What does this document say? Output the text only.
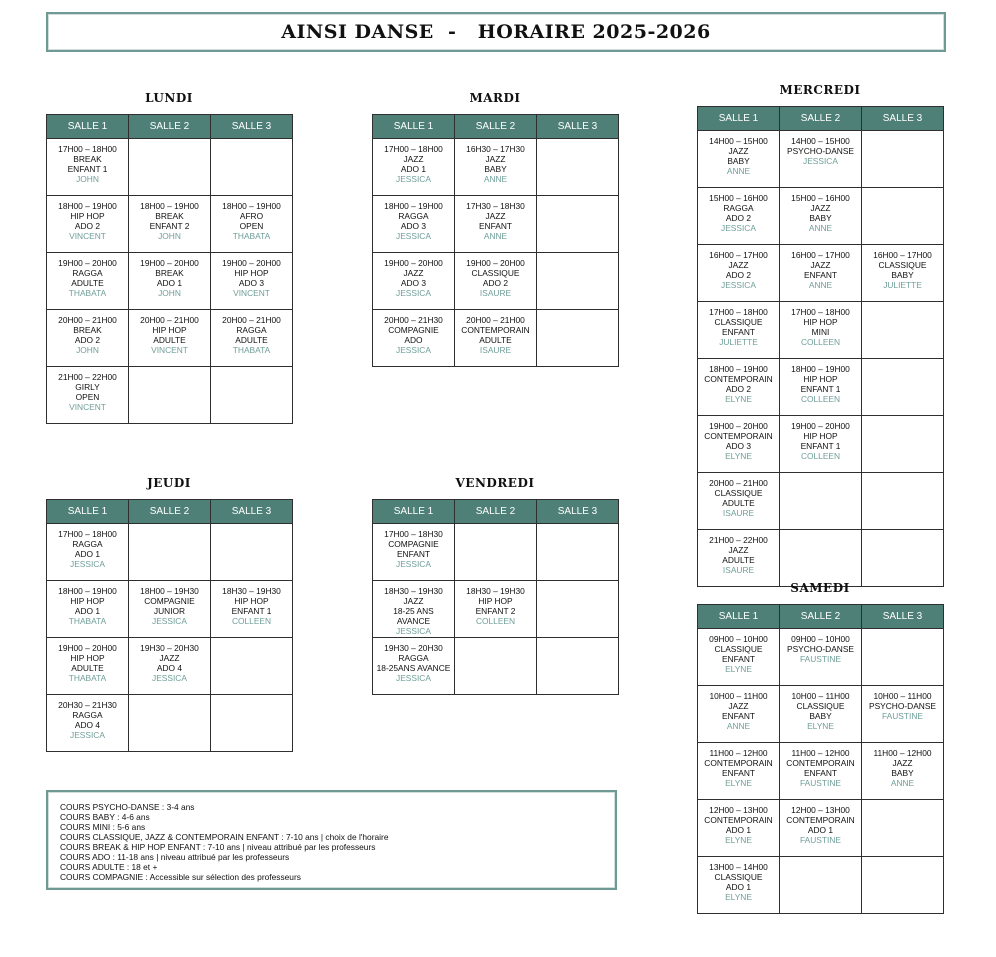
AINSI DANSE  -   HORAIRE 2025-2026
LUNDI
SALLE 1	SALLE 2	SALLE 3

17H00 – 18H00
BREAK
ENFANT 1
JOHN		

18H00 – 19H00
HIP HOP
ADO 2
VINCENT	18H00 – 19H00
BREAK
ENFANT 2
JOHN	18H00 – 19H00
AFRO
OPEN
THABATA

19H00 – 20H00
RAGGA
ADULTE
THABATA	19H00 – 20H00
BREAK
ADO 1
JOHN	19H00 – 20H00
HIP HOP
ADO 3
VINCENT

20H00 – 21H00
BREAK
ADO 2
JOHN	20H00 – 21H00
HIP HOP
ADULTE
VINCENT	20H00 – 21H00
RAGGA
ADULTE
THABATA

21H00 – 22H00
GIRLY
OPEN
VINCENT		

MARDI
SALLE 1	SALLE 2	SALLE 3

17H00 – 18H00
JAZZ
ADO 1
JESSICA	16H30 – 17H30
JAZZ
BABY
ANNE	

18H00 – 19H00
RAGGA
ADO 3
JESSICA	17H30 – 18H30
JAZZ
ENFANT
ANNE	

19H00 – 20H00
JAZZ
ADO 3
JESSICA	19H00 – 20H00
CLASSIQUE
ADO 2
ISAURE	

20H00 – 21H30
COMPAGNIE
ADO
JESSICA	20H00 – 21H00
CONTEMPORAIN
ADULTE
ISAURE	

MERCREDI
SALLE 1	SALLE 2	SALLE 3

14H00 – 15H00
JAZZ
BABY
ANNE	14H00 – 15H00
PSYCHO-DANSE
JESSICA	

15H00 – 16H00
RAGGA
ADO 2
JESSICA	15H00 – 16H00
JAZZ
BABY
ANNE	

16H00 – 17H00
JAZZ
ADO 2
JESSICA	16H00 – 17H00
JAZZ
ENFANT
ANNE	16H00 – 17H00
CLASSIQUE
BABY
JULIETTE

17H00 – 18H00
CLASSIQUE
ENFANT
JULIETTE	17H00 – 18H00
HIP HOP
MINI
COLLEEN	

18H00 – 19H00
CONTEMPORAIN
ADO 2
ELYNE	18H00 – 19H00
HIP HOP
ENFANT 1
COLLEEN	

19H00 – 20H00
CONTEMPORAIN
ADO 3
ELYNE	19H00 – 20H00
HIP HOP
ENFANT 1
COLLEEN	

20H00 – 21H00
CLASSIQUE
ADULTE
ISAURE		

21H00 – 22H00
JAZZ
ADULTE
ISAURE		

JEUDI
SALLE 1	SALLE 2	SALLE 3

17H00 – 18H00
RAGGA
ADO 1
JESSICA		

18H00 – 19H00
HIP HOP
ADO 1
THABATA	18H00 – 19H30
COMPAGNIE
JUNIOR
JESSICA	18H30 – 19H30
HIP HOP
ENFANT 1
COLLEEN

19H00 – 20H00
HIP HOP
ADULTE
THABATA	19H30 – 20H30
JAZZ
ADO 4
JESSICA	

20H30 – 21H30
RAGGA
ADO 4
JESSICA		

VENDREDI
SALLE 1	SALLE 2	SALLE 3

17H00 – 18H30
COMPAGNIE
ENFANT
JESSICA		

18H30 – 19H30
JAZZ
18-25 ANS
AVANCE
JESSICA	18H30 – 19H30
HIP HOP
ENFANT 2
COLLEEN	

19H30 – 20H30
RAGGA
18-25ANS AVANCE
JESSICA		

SAMEDI
SALLE 1	SALLE 2	SALLE 3

09H00 – 10H00
CLASSIQUE
ENFANT
ELYNE	09H00 – 10H00
PSYCHO-DANSE
FAUSTINE	

10H00 – 11H00
JAZZ
ENFANT
ANNE	10H00 – 11H00
CLASSIQUE
BABY
ELYNE	10H00 – 11H00
PSYCHO-DANSE
FAUSTINE

11H00 – 12H00
CONTEMPORAIN
ENFANT
ELYNE	11H00 – 12H00
CONTEMPORAIN
ENFANT
FAUSTINE	11H00 – 12H00
JAZZ
BABY
ANNE

12H00 – 13H00
CONTEMPORAIN
ADO 1
ELYNE	12H00 – 13H00
CONTEMPORAIN
ADO 1
FAUSTINE	

13H00 – 14H00
CLASSIQUE
ADO 1
ELYNE		

COURS PSYCHO-DANSE : 3-4 ans
COURS BABY : 4-6 ans
COURS MINI : 5-6 ans
COURS CLASSIQUE, JAZZ & CONTEMPORAIN ENFANT : 7-10 ans | choix de l'horaire
COURS BREAK & HIP HOP ENFANT : 7-10 ans | niveau attribué par les professeurs
COURS ADO : 11-18 ans | niveau attribué par les professeurs
COURS ADULTE : 18 et +
COURS COMPAGNIE : Accessible sur sélection des professeurs
